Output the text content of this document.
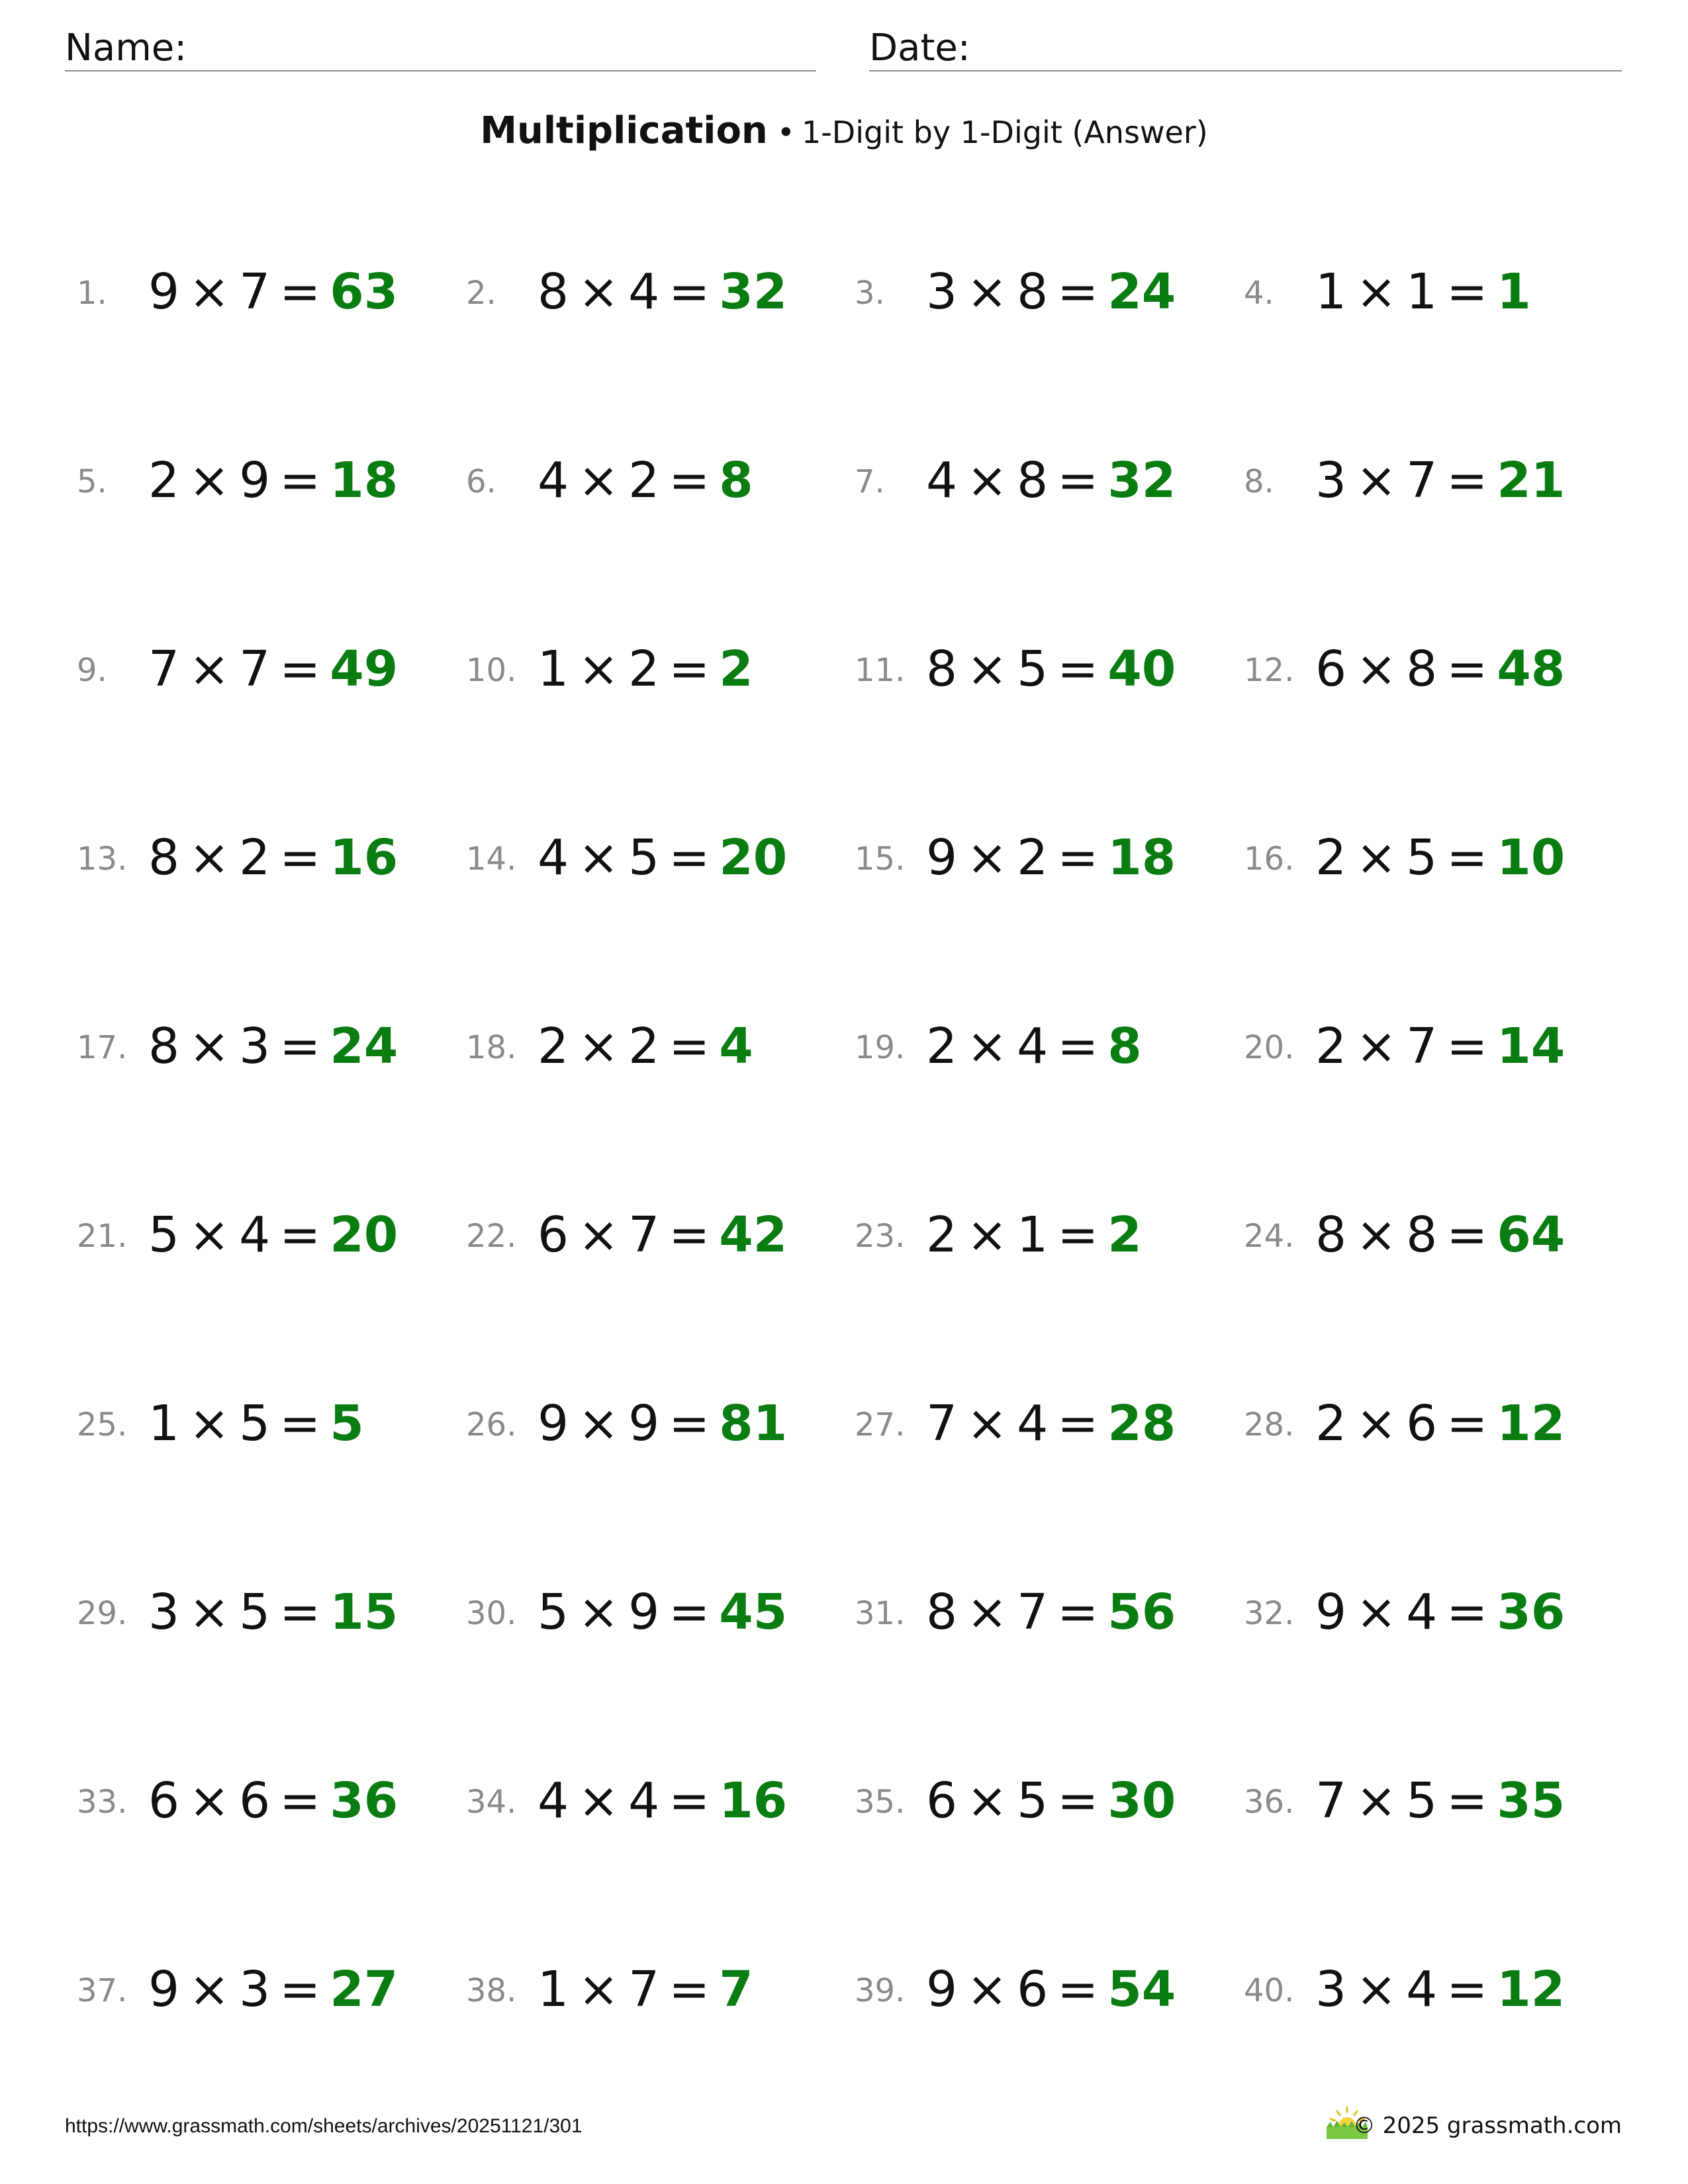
Name:	Date:
Multiplication • 1-Digit by 1-Digit (Answer)
1. 9 × 7 = 63 2. 8 × 4 = 32 3. 3 × 8 = 24 4. 1 × 1 = 1
5. 2 × 9 = 18 6. 4 × 2 = 8	7. 4 × 8 = 32 8. 3 × 7 = 21
9. 7 × 7 = 49 10. 1 × 2 = 2	11. 8 × 5 = 40 12. 6 × 8 = 48
13. 8 × 2 = 16 14. 4 × 5 = 20 15. 9 × 2 = 18 16. 2 × 5 = 10
17. 8 × 3 = 24 18. 2 × 2 = 4	19. 2 × 4 = 8	20. 2 × 7 = 14
21. 5 × 4 = 20 22. 6 × 7 = 42 23. 2 × 1 = 2	24. 8 × 8 = 64
25. 1 × 5 = 5	26. 9 × 9 = 81 27. 7 × 4 = 28 28. 2 × 6 = 12
29. 3 × 5 = 15 30. 5 × 9 = 45 31. 8 × 7 = 56 32. 9 × 4 = 36
33. 6 × 6 = 36 34. 4 × 4 = 16 35. 6 × 5 = 30 36. 7 × 5 = 35
37. 9 × 3 = 27 38. 1 × 7 = 7	39. 9 × 6 = 54 40. 3 × 4 = 12
https://www.grassmath.com/sheets/archives/20251121/301	© 2025 grassmath.com
